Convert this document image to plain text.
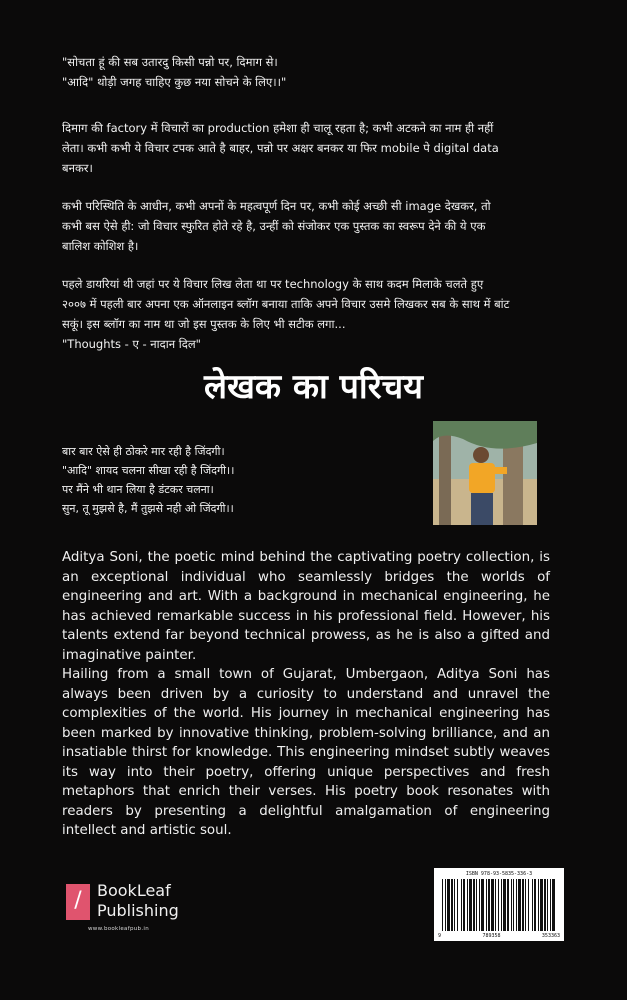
"सोचता हूं की सब उतारदु किसी पन्नो पर, दिमाग से।

"आदि" थोड़ी जगह चाहिए कुछ नया सोचने के लिए।।"

दिमाग की factory में विचारों का production हमेशा ही चालू रहता है; कभी अटकने का नाम ही नहीं

लेता। कभी कभी ये विचार टपक आते है बाहर, पन्नो पर अक्षर बनकर या फिर mobile पे digital data

बनकर।

कभी परिस्थिति के आधीन, कभी अपनों के महत्वपूर्ण दिन पर, कभी कोई अच्छी सी image देखकर, तो

कभी बस ऐसे ही: जो विचार स्फुरित होते रहे है, उन्हीं को संजोकर एक पुस्तक का स्वरूप देने की ये एक

बालिश कोशिश है।

पहले डायरियां थी जहां पर ये विचार लिख लेता था पर technology के साथ कदम मिलाके चलते हुए

२००७ में पहली बार अपना एक ऑनलाइन ब्लॉग बनाया ताकि अपने विचार उसमे लिखकर सब के साथ में बांट

सकूं। इस ब्लॉग का नाम था जो इस पुस्तक के लिए भी सटीक लगा...

"Thoughts - ए - नादान दिल"

लेखक का परिचय
बार बार ऐसे ही ठोकरे मार रही है जिंदगी।
"आदि" शायद चलना सीखा रही है जिंदगी।।
पर मैंने भी थान लिया है डंटकर चलना।
सुन, तू मुझसे है, मैं तुझसे नही ओ जिंदगी।।

Aditya Soni, the poetic mind behind the captivating poetry collection, is an exceptional individual who seamlessly bridges the worlds of engineering and art. With a background in mechanical engineering, he has achieved remarkable success in his professional field. However, his talents extend far beyond technical prowess, as he is also a gifted and imaginative painter.

Hailing from a small town of Gujarat, Umbergaon, Aditya Soni has always been driven by a curiosity to understand and unravel the complexities of the world. His journey in mechanical engineering has been marked by innovative thinking, problem-solving brilliance, and an insatiable thirst for knowledge. This engineering mindset subtly weaves its way into their poetry, offering unique perspectives and fresh metaphors that enrich their verses. His poetry book resonates with readers by presenting a delightful amalgamation of engineering intellect and artistic soul.

/ BookLeaf
Publishing
www.bookleafpub.in
ISBN 978-93-5835-336-3
9	789358	353363
